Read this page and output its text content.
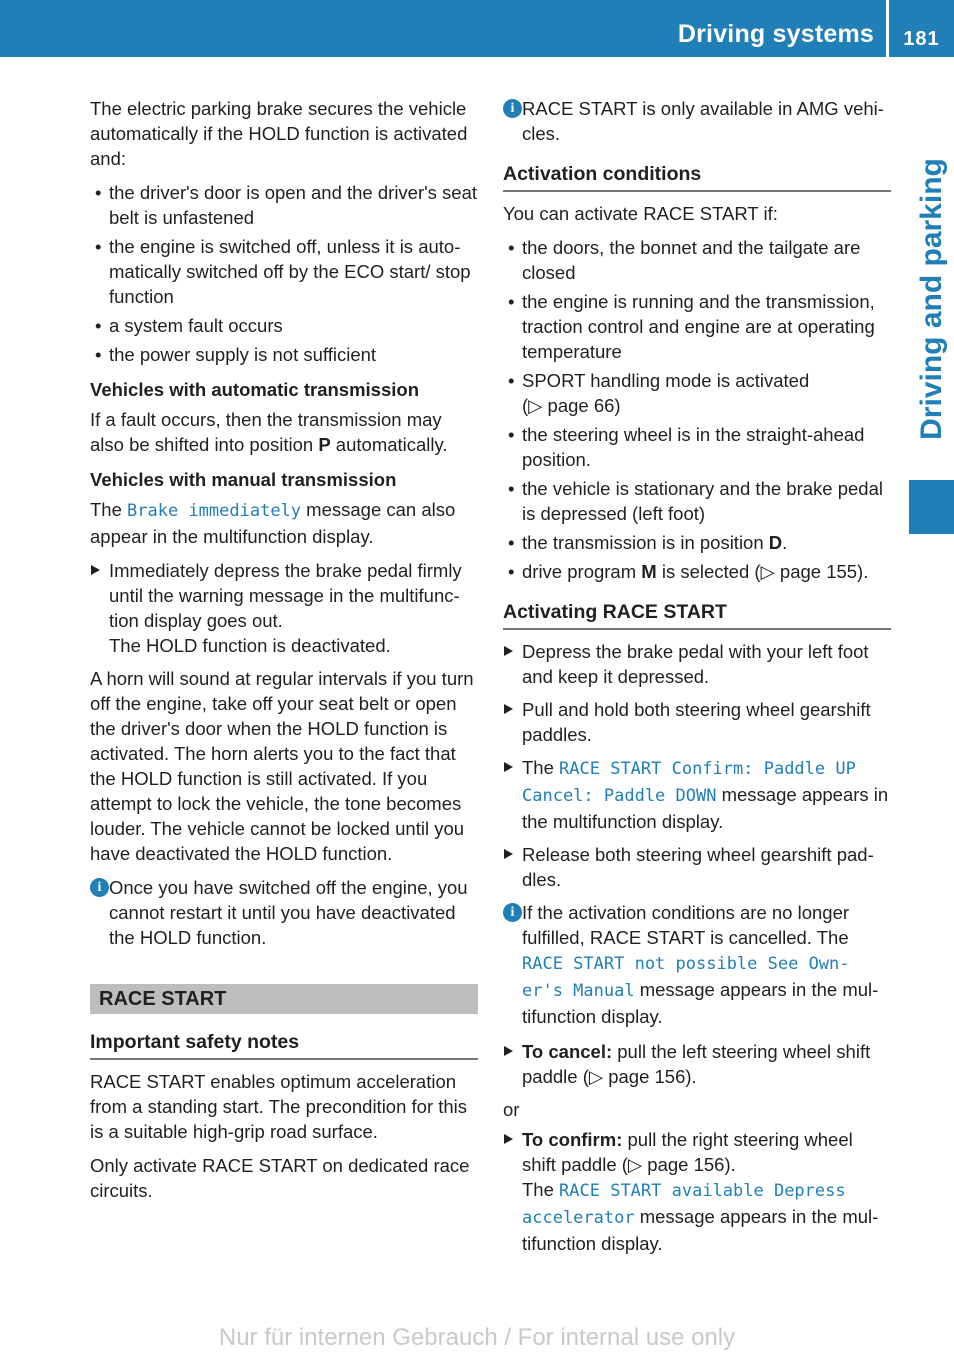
Driving systems	181
Driving and parking

The electric parking brake secures the vehicle automatically if the HOLD function is activated and:

• the driver's door is open and the driver's seat belt is unfastened
• the engine is switched off, unless it is automatically switched off by the ECO start/ stop function
• a system fault occurs
• the power supply is not sufficient
Vehicles with automatic transmission

If a fault occurs, then the transmission may also be shifted into position P automatically.

Vehicles with manual transmission

The Brake immediately message can also appear in the multifunction display.

Immediately depress the brake pedal firmly until the warning message in the multifunction display goes out.
The HOLD function is deactivated.

A horn will sound at regular intervals if you turn off the engine, take off your seat belt or open the driver's door when the HOLD function is activated. The horn alerts you to the fact that the HOLD function is still activated. If you attempt to lock the vehicle, the tone becomes louder. The vehicle cannot be locked until you have deactivated the HOLD function.

i Once you have switched off the engine, you cannot restart it until you have deactivated the HOLD function.
RACE START
Important safety notes

RACE START enables optimum acceleration from a standing start. The precondition for this is a suitable high-grip road surface.

Only activate RACE START on dedicated race circuits.

i RACE START is only available in AMG vehicles.
Activation conditions

You can activate RACE START if:

• the doors, the bonnet and the tailgate are closed
• the engine is running and the transmission, traction control and engine are at operating temperature
• SPORT handling mode is activated
(▷ page 66)
• the steering wheel is in the straight-ahead position.
• the vehicle is stationary and the brake pedal is depressed (left foot)
• the transmission is in position D.
• drive program M is selected (▷ page 155).
Activating RACE START
Depress the brake pedal with your left foot and keep it depressed.
Pull and hold both steering wheel gearshift paddles.
The RACE START Confirm: Paddle UP
Cancel: Paddle DOWN message appears in the multifunction display.
Release both steering wheel gearshift paddles.
i If the activation conditions are no longer fulfilled, RACE START is cancelled. The
RACE START not possible See Own‐
er's Manual message appears in the multifunction display.
To cancel: pull the left steering wheel shift paddle (▷ page 156).

or

To confirm: pull the right steering wheel shift paddle (▷ page 156).
The RACE START available Depress
accelerator message appears in the multifunction display.
Nur für internen Gebrauch / For internal use only
